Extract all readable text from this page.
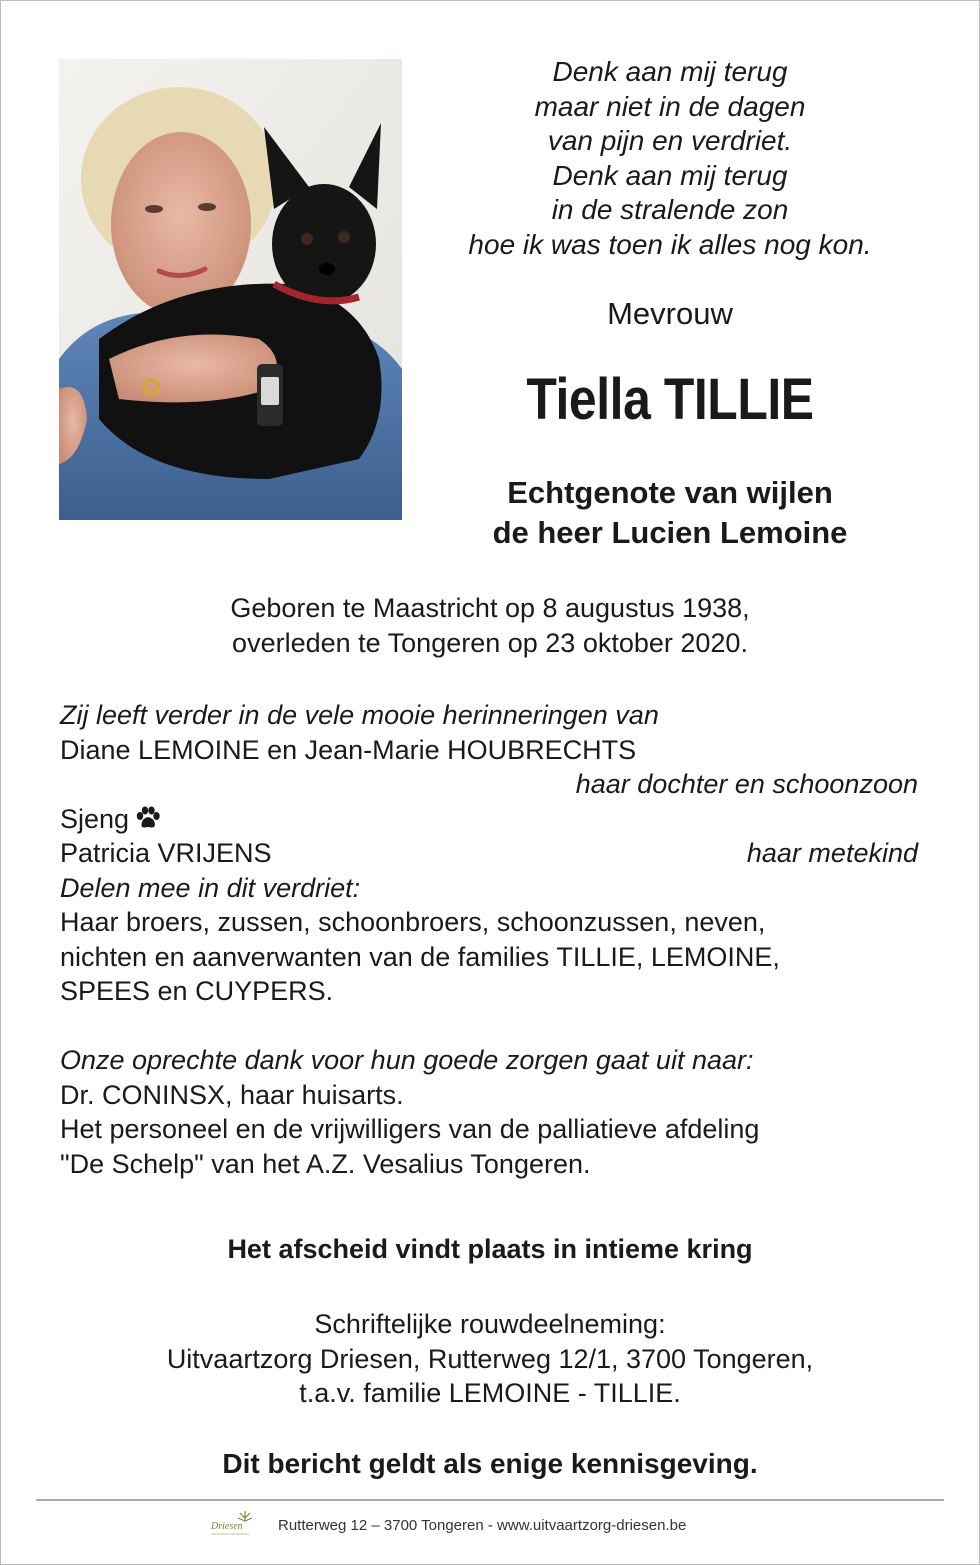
Denk aan mij terug
maar niet in de dagen
van pijn en verdriet.
Denk aan mij terug
in de stralende zon
hoe ik was toen ik alles nog kon.
Mevrouw
Tiella TILLIE
Echtgenote van wijlen
de heer Lucien Lemoine
Geboren te Maastricht op 8 augustus 1938,
overleden te Tongeren op 23 oktober 2020.
Zij leeft verder in de vele mooie herinneringen van
Diane LEMOINE en Jean-Marie HOUBRECHTS
haar dochter en schoonzoon
Sjeng
Patricia VRIJENS	haar metekind
Delen mee in dit verdriet:
Haar broers, zussen, schoonbroers, schoonzussen, neven,
nichten en aanverwanten van de families TILLIE, LEMOINE,
SPEES en CUYPERS.
Onze oprechte dank voor hun goede zorgen gaat uit naar:
Dr. CONINSX, haar huisarts.
Het personeel en de vrijwilligers van de palliatieve afdeling
"De Schelp" van het A.Z. Vesalius Tongeren.
Het afscheid vindt plaats in intieme kring
Schriftelijke rouwdeelneming:
Uitvaartzorg Driesen, Rutterweg 12/1, 3700 Tongeren,
t.a.v. familie LEMOINE - TILLIE.
Dit bericht geldt als enige kennisgeving.
Driesen Rutterweg 12 – 3700 Tongeren - www.uitvaartzorg-driesen.be
